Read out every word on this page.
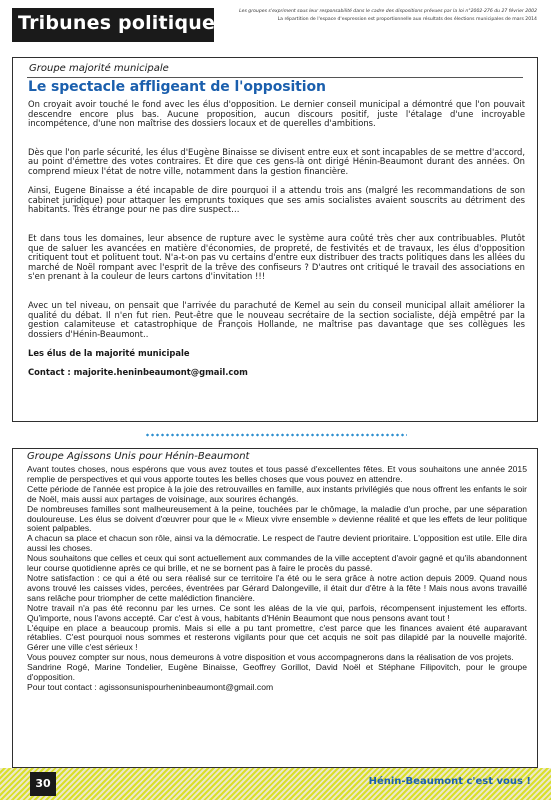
Tribunes politiques
Les groupes s'expriment sous leur responsabilité dans le cadre des dispositions prévues par la loi n°2002-276 du 27 février 2002
La répartition de l'espace d'expression est proportionnelle aux résultats des élections municipales de mars 2014
Groupe majorité municipale
Le spectacle affligeant de l'opposition

On croyait avoir touché le fond avec les élus d'opposition. Le dernier conseil municipal a démontré que l'on pouvait descendre encore plus bas. Aucune proposition, aucun discours positif, juste l'étalage d'une incroyable incompétence, d'une non maîtrise des dossiers locaux et de querelles d'ambitions.

Dès que l'on parle sécurité, les élus d'Eugène Binaisse se divisent entre eux et sont incapables de se mettre d'accord, au point d'émettre des votes contraires. Et dire que ces gens-là ont dirigé Hénin-Beaumont durant des années. On comprend mieux l'état de notre ville, notamment dans la gestion financière.

Ainsi, Eugene Binaisse a été incapable de dire pourquoi il a attendu trois ans (malgré les recommandations de son cabinet juridique) pour attaquer les emprunts toxiques que ses amis socialistes avaient souscrits au détriment des habitants. Très étrange pour ne pas dire suspect…

Et dans tous les domaines, leur absence de rupture avec le système aura coûté très cher aux contribuables. Plutôt que de saluer les avancées en matière d'économies, de propreté, de festivités et de travaux, les élus d'opposition critiquent tout et polituent tout. N'a-t-on pas vu certains d'entre eux distribuer des tracts politiques dans les allées du marché de Noël rompant avec l'esprit de la trêve des confiseurs ? D'autres ont critiqué le travail des associations en s'en prenant à la couleur de leurs cartons d'invitation !!!

Avec un tel niveau, on pensait que l'arrivée du parachuté de Kemel au sein du conseil municipal allait améliorer la qualité du débat. Il n'en fut rien. Peut-être que le nouveau secrétaire de la section socialiste, déjà empêtré par la gestion calamiteuse et catastrophique de François Hollande, ne maîtrise pas davantage que ses collègues les dossiers d'Hénin-Beaumont..

Les élus de la majorité municipale

Contact : majorite.heninbeaumont@gmail.com

Groupe Agissons Unis pour Hénin-Beaumont

Avant toutes choses, nous espérons que vous avez toutes et tous passé d'excellentes fêtes. Et vous souhaitons une année 2015 remplie de perspectives et qui vous apporte toutes les belles choses que vous pouvez en attendre.

Cette période de l'année est propice à la joie des retrouvailles en famille, aux instants privilégiés que nous offrent les enfants le soir de Noël, mais aussi aux partages de voisinage, aux sourires échangés.

De nombreuses familles sont malheureusement à la peine, touchées par le chômage, la maladie d'un proche, par une séparation douloureuse. Les élus se doivent d'œuvrer pour que le « Mieux vivre ensemble » devienne réalité et que les effets de leur politique soient palpables.

A chacun sa place et chacun son rôle, ainsi va la démocratie. Le respect de l'autre devient prioritaire. L'opposition est utile. Elle dira aussi les choses.

Nous souhaitons que celles et ceux qui sont actuellement aux commandes de la ville acceptent d'avoir gagné et qu'ils abandonnent leur course quotidienne après ce qui brille, et ne se bornent pas à faire le procès du passé.

Notre satisfaction : ce qui a été ou sera réalisé sur ce territoire l'a été ou le sera grâce à notre action depuis 2009. Quand nous avons trouvé les caisses vides, percées, éventrées par Gérard Dalongeville, il était dur d'être à la fête ! Mais nous avons travaillé sans relâche pour triompher de cette malédiction financière.

Notre travail n'a pas été reconnu par les urnes. Ce sont les aléas de la vie qui, parfois, récompensent injustement les efforts. Qu'importe, nous l'avons accepté. Car c'est à vous, habitants d'Hénin Beaumont que nous pensons avant tout !

L'équipe en place a beaucoup promis. Mais si elle a pu tant promettre, c'est parce que les finances avaient été auparavant rétablies. C'est pourquoi nous sommes et resterons vigilants pour que cet acquis ne soit pas dilapidé par la nouvelle majorité. Gérer une ville c'est sérieux !

Vous pouvez compter sur nous, nous demeurons à votre disposition et vous accompagnerons dans la réalisation de vos projets.

Sandrine Rogé, Marine Tondelier, Eugène Binaisse, Geoffrey Gorillot, David Noël et Stéphane Filipovitch, pour le groupe d'opposition.

Pour tout contact : agissonsunispourheninbeaumont@gmail.com

30	Hénin-Beaumont c'est vous !
